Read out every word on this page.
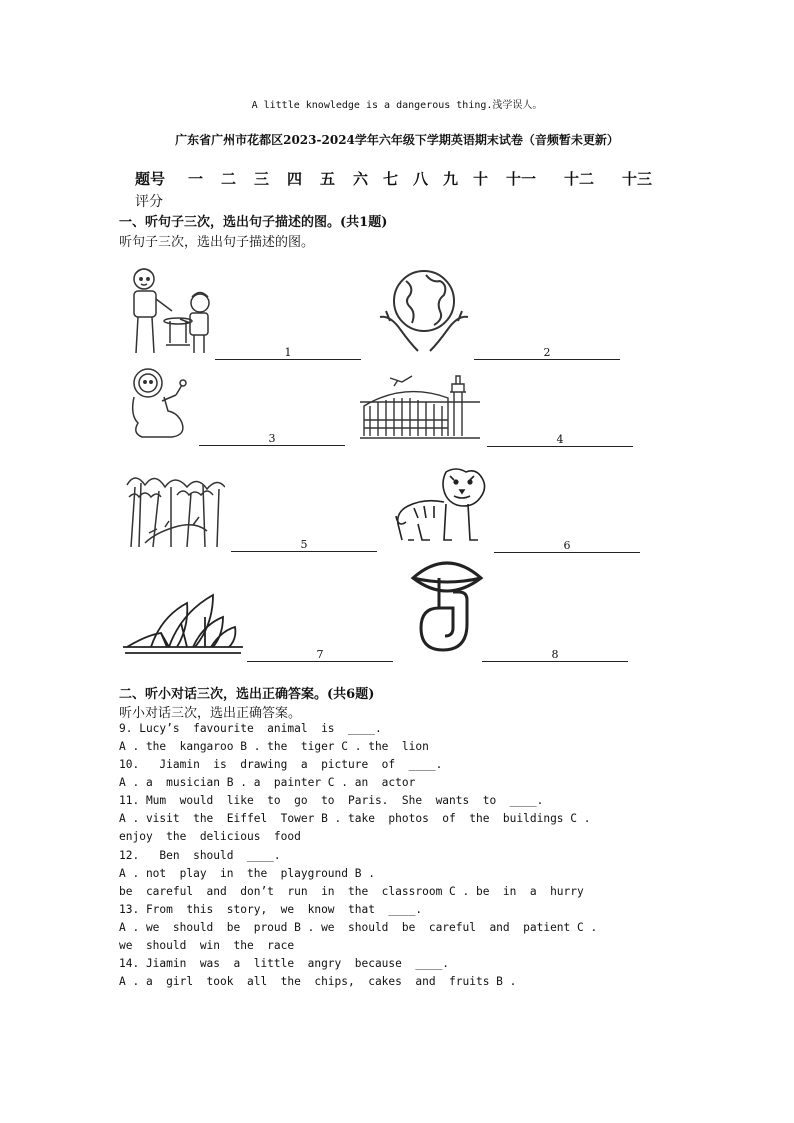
A little knowledge is a dangerous thing.浅学误人。
广东省广州市花都区2023-2024学年六年级下学期英语期末试卷（音频暂未更新）
题号	一	二	三	四	五	六 七 八 九 十	十一	十二	十三
评分
一、听句子三次，选出句子描述的图。(共1题)
听句子三次，选出句子描述的图。
1	2
3	4
5	6
7	8
二、听小对话三次，选出正确答案。(共6题)
听小对话三次，选出正确答案。
9. Lucy’s  favourite  animal  is  ____.
A . the  kangaroo B . the  tiger C . the  lion
10.   Jiamin  is  drawing  a  picture  of  ____.
A . a  musician B . a  painter C . an  actor
11. Mum  would  like  to  go  to  Paris.  She  wants  to  ____.
A . visit  the  Eiffel  Tower B . take  photos  of  the  buildings C .
enjoy  the  delicious  food
12.   Ben  should  ____.
A . not  play  in  the  playground B .
be  careful  and  don’t  run  in  the  classroom C . be  in  a  hurry
13. From  this  story,  we  know  that  ____.
A . we  should  be  proud B . we  should  be  careful  and  patient C .
we  should  win  the  race
14. Jiamin  was  a  little  angry  because  ____.
A . a  girl  took  all  the  chips,  cakes  and  fruits B .
